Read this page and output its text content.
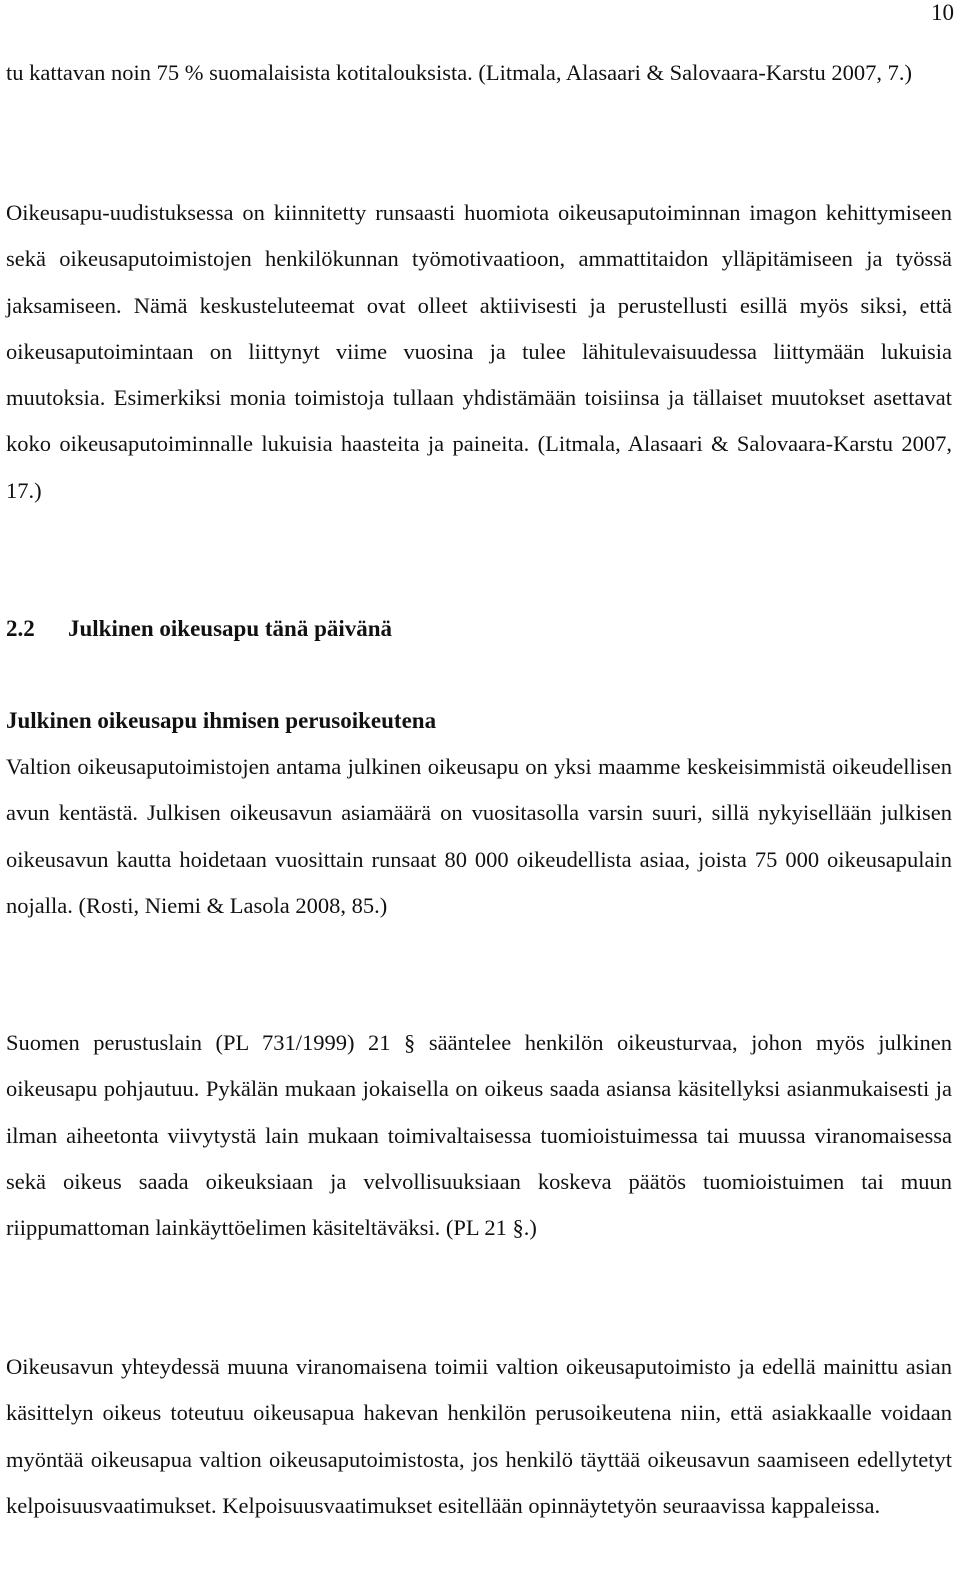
10

tu kattavan noin 75 % suomalaisista kotitalouksista. (Litmala, Alasaari & Salovaara-Karstu 2007, 7.)

Oikeusapu-uudistuksessa on kiinnitetty runsaasti huomiota oikeusaputoiminnan imagon kehittymiseen sekä oikeusaputoimistojen henkilökunnan työmotivaatioon, ammattitaidon ylläpitämiseen ja työssä jaksamiseen. Nämä keskusteluteemat ovat olleet aktiivisesti ja perustellusti esillä myös siksi, että oikeusaputoimintaan on liittynyt viime vuosina ja tulee lähitulevaisuudessa liittymään lukuisia muutoksia. Esimerkiksi monia toimistoja tullaan yhdistämään toisiinsa ja tällaiset muutokset asettavat koko oikeusaputoiminnalle lukuisia haasteita ja paineita. (Litmala, Alasaari & Salovaara-Karstu 2007, 17.)

2.2 Julkinen oikeusapu tänä päivänä
Julkinen oikeusapu ihmisen perusoikeutena

Valtion oikeusaputoimistojen antama julkinen oikeusapu on yksi maamme keskeisimmistä oikeudellisen avun kentästä. Julkisen oikeusavun asiamäärä on vuositasolla varsin suuri, sillä nykyisellään julkisen oikeusavun kautta hoidetaan vuosittain runsaat 80 000 oikeudellista asiaa, joista 75 000 oikeusapulain nojalla. (Rosti, Niemi & Lasola 2008, 85.)

Suomen perustuslain (PL 731/1999) 21 § sääntelee henkilön oikeusturvaa, johon myös julkinen oikeusapu pohjautuu. Pykälän mukaan jokaisella on oikeus saada asiansa käsitellyksi asianmukaisesti ja ilman aiheetonta viivytystä lain mukaan toimivaltaisessa tuomioistuimessa tai muussa viranomaisessa sekä oikeus saada oikeuksiaan ja velvollisuuksiaan koskeva päätös tuomioistuimen tai muun riippumattoman lainkäyttöelimen käsiteltäväksi. (PL 21 §.)

Oikeusavun yhteydessä muuna viranomaisena toimii valtion oikeusaputoimisto ja edellä mainittu asian käsittelyn oikeus toteutuu oikeusapua hakevan henkilön perusoikeutena niin, että asiakkaalle voidaan myöntää oikeusapua valtion oikeusaputoimistosta, jos henkilö täyttää oikeusavun saamiseen edellytetyt kelpoisuusvaatimukset. Kelpoisuusvaatimukset esitellään opinnäytetyön seuraavissa kappaleissa.
